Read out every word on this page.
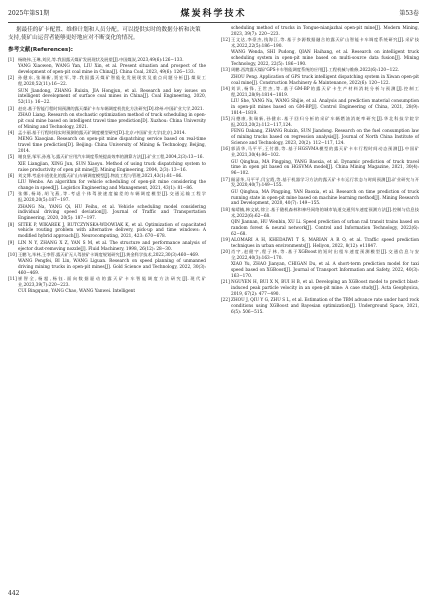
2025年第S1期	煤炭科学技术	第53卷

据最佳的矿卡配置、维修计划和人员分配。可以提供实时的数据分析和决策支持,使矿山运营者能够更好地应对不断变化的情况。

参考文献(References):
[1] 杨晓伟,王琳,刘民,等.我国露天煤矿发展现状及展望[J].中国煤炭,2023,49(6):126−133.
YANG Xiaowen, WANG Yan, LIU Xin, et al. Present situation and prospect of the development of open-pit coal mine in China[J]. China Coal, 2023, 49(6): 126−133.
[2] 孙健东,张瑞新,贾宏军,等.我国露天煤矿智能化发展现状及重点问题分析[J].煤炭工程,2020,52(11):16−22.
SUN Jiandong, ZHANG Ruixin, JIA Hongjun, et al. Research and key issues on intelligent development of surface coal mines in China[J]. Coal Engineering, 2020, 52(11): 16−22.
[3] 赵亮.基于智能行程时间预测的露天煤矿卡车车辆调度机优化方法研究[D].徐州:中国矿业大学,2021.
ZHAO Liang. Research on stochastic optimization method of truck scheduling in open-pit coal mine based on intelligent travel time prediction[D]. Xuzhou: China University of Mining and Technology, 2021.
[4] 孟小丽.基于行程时间实时预测的露天矿调度模型研究[D].北京:中国矿业大学(北京),2014.
MENG Xiaoqian. Research on open-pit mine dispatching service based on real-time travel time prediction[D]. Beijing: China University of Mining & Technology, Beijing, 2014.
[5] 谢良坚,邹军,孙逸飞.露天矿应用汽车调度系统提高效率的测算方法[J].矿业工程,2004,2(3):13−16.
XIE Liangjian, XING Jun, SUN Xiaoyu. Method of using truck dispatching system to raise productivity of open pit mine[J]. Mining Engineering, 2004, 2(3): 13−16.
[6] 刘文博.考虑车道优化的露天矿山车辆调度模型[J].物流工程与管理,2021,43(1):81−86.
LIU Wenbo. An algorithm for vehicle scheduling of open-pit mine considering the change in speed[J]. Logistics Engineering and Management, 2021, 43(1): 81−86.
[7] 张娜,杨琦,胡飞燕,等.考虑个体驾驶速度偏差的车辆调度模型[J].交通运输工程学报,2020,20(5):187−197.
ZHANG Na, YANG Qi, HU Feihu, et al. Vehicle scheduling model considering individual driving speed deviation[J]. Journal of Traffic and Transportation Engineering, 2020, 20(5): 187−197.
[8] SITEK P, WIKAREK J, RUTCZYNSKA-WDOWIAK K, et al. Optimization of capacitated vehicle routing problem with alternative delivery, pick-up and time windows: A modified hybrid approach[J]. Neurocomputing, 2021, 423: 670−678.
[9] LIN N Y, ZHANG X Z, YAN S M, et al. The structure and performance analysis of ejector dust-removing nozzle[J]. Fluid Machinery, 1998, 26(12): 28−30.
[10] 王鹏飞,毕林,王李管.露天矿无人驾驶矿卡调度规划研究[J].黄金科学技术,2022,30(3):460−469.
WANG Pengfei, BI Lin, WANG Liguan. Research on speed planning of unmanned driving mining trucks in open-pit mines[J]. Gold Science and Technology, 2022, 30(3): 460−469.
[11] 崔智全,杨超,杨钰.面向数据驱动的露天矿卡车智能调度方法研究[J].现代矿业,2023,39(7):220−223.
CUI Bingquan, YANG Chao, WANG Yanwei. Intelligent
scheduling method of trucks in Tongue-nianjazhai open-pit mine[J]. Modern Mining, 2023, 39(7): 220−223.
[12] 王文达,李豪杰,钱海江,等.基于多源数据融合的露天矿山智能卡车调度系统研究[J].采矿技术,2022,22(5):186−190.
WANG Wenda, SHI Pudong, QIAN Haihang, et al. Research on intelligent truck scheduling system in open-pit mine based on multi-source data fusion[J]. Mining Technology, 2022, 22(5): 186−190.
[13] 周鹏.西湾露天煤矿GPS卡车智能调度系统的应用[J].工程机械与维修,2022(6):120−122.
ZHOU Peng. Application of GPS truck intelligent dispatching system in Xiwan open-pit coal mine[J]. Construction Machinery & Maintenance, 2022(6): 120−122.
[14] 刘识,杨锋,王世杰,等.基于GM-BP的露天矿卡生产材料消耗分析与预测[J].控制工程,2021,28(9):1814−1819.
LIU She, YANG Na, WANG Shijie, et al. Analysis and prediction material consumption in open-pit mines based on GM-BP[J]. Control Engineering of China, 2021, 28(9): 1814−1819.
[15] 冯德康,张瑞新,孙健东.基于回归分析的采矿车辆燃油消耗率研究[J].华北科技学院学报,2023,20(2):112−117,124.
FENG Dakang, ZHANG Ruixin, SUN Jiandong. Research on the fuel consumption law of mining trucks based on regression analysis[J]. Journal of North China Institute of Science and Technology, 2023, 20(2): 112−117, 124.
[16] 郭清华,马平平,王付群,等.基于HGSVMA模型的露天矿卡车行程时间动态预测[J].中国矿业,2021,30(4):96−102.
GU Qinghua, MA Pingping, YANG Baoxia, et al. Dynamic prediction of truck travel time in open pit based on HGSVMA model[J]. China Mining Magazine, 2021, 30(4): 96−102.
[17] 顾清华,马平平,闫宝霞,等.基于机器学习方法的露天矿卡车运行状态与时间预测[J].矿业研究与开发,2020,40(7):149−155.
GU Qinghua, MA Pingping, YAN Baoxia, et al. Research on time prediction of truck running state in open-pit mine based on machine learning method[J]. Mining Research and Development, 2020, 40(7): 149−155.
[18] 秦靖楠,韩文斌,徐立.基于随机森林和神经网络的城市轨道交通列车速度预测方法[J].控制与信息技术,2022(6):62−68.
QIN Jiannan, HU Wenbin, XU Li. Speed prediction of urban rail transit trains based on random forest & neural network[J]. Control and Information Technology, 2022(6): 62−68.
[19] ALOMARI A H, KHEDAIWI T S, MARIAN A R O, et al. Traffic speed prediction techniques in urban environments[J]. Heliyon, 2022, 8(12): e11847.
[20] 肖宇,赵健宇,程子林,等.基于XGBoost的短时出租车速度预测模型[J].交通信息与安全,2022,40(3):163−170.
XIAO Yu, ZHAO Jianyan, CHIGAN Du, et al. A short-term prediction model for taxi speed based on XGBoost[J]. Journal of Transport Information and Safety, 2022, 40(3): 163−170.
[21] NGUYEN H, BUI X N, BUI H B, et al. Developing an XGBoost model to predict blast-induced peak particle velocity in an open-pit mine: A case study[J]. Acta Geophysica, 2019, 67(2): 477−490.
[22] ZHOU J, QIU Y G, ZHU S L, et al. Estimation of the TBM advance rate under hard rock conditions using XGBoost and Bayesian optimization[J]. Underground Space, 2021, 6(5): 506−515.
442
